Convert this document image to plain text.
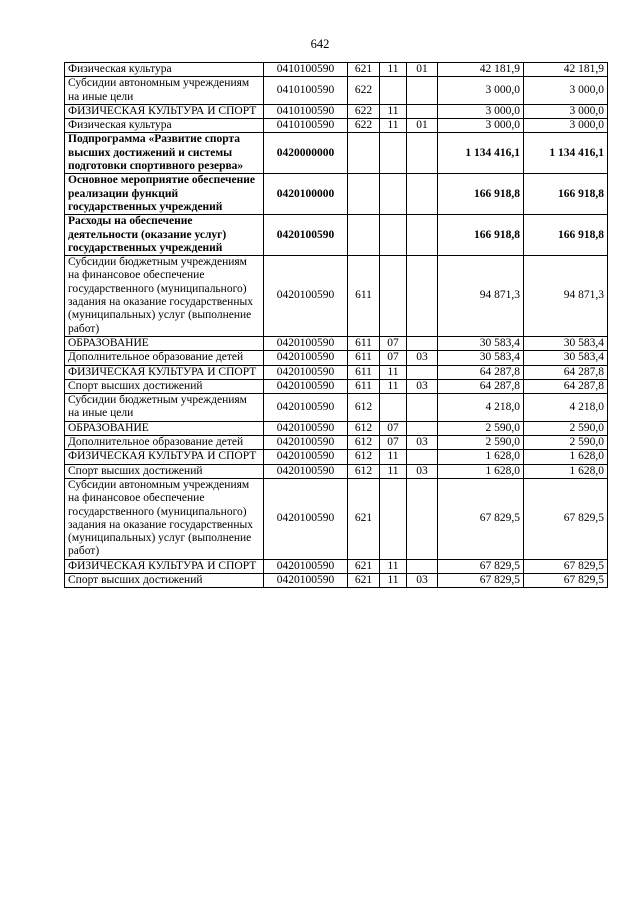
642
Физическая культура	0410100590	621	11	01	42 181,9	42 181,9
Субсидии автономным учреждениям на иные цели	0410100590	622			3 000,0	3 000,0
ФИЗИЧЕСКАЯ КУЛЬТУРА И СПОРТ	0410100590	622	11		3 000,0	3 000,0
Физическая культура	0410100590	622	11	01	3 000,0	3 000,0
Подпрограмма «Развитие спорта высших достижений и системы подготовки спортивного резерва»	0420000000				1 134 416,1	1 134 416,1
Основное мероприятие обеспечение реализации функций государственных учреждений	0420100000				166 918,8	166 918,8
Расходы на обеспечение деятельности (оказание услуг) государственных учреждений	0420100590				166 918,8	166 918,8
Субсидии бюджетным учреждениям на финансовое обеспечение государственного (муниципального) задания на оказание государственных (муниципальных) услуг (выполнение работ)	0420100590	611			94 871,3	94 871,3
ОБРАЗОВАНИЕ	0420100590	611	07		30 583,4	30 583,4
Дополнительное образование детей	0420100590	611	07	03	30 583,4	30 583,4
ФИЗИЧЕСКАЯ КУЛЬТУРА И СПОРТ	0420100590	611	11		64 287,8	64 287,8
Спорт высших достижений	0420100590	611	11	03	64 287,8	64 287,8
Субсидии бюджетным учреждениям на иные цели	0420100590	612			4 218,0	4 218,0
ОБРАЗОВАНИЕ	0420100590	612	07		2 590,0	2 590,0
Дополнительное образование детей	0420100590	612	07	03	2 590,0	2 590,0
ФИЗИЧЕСКАЯ КУЛЬТУРА И СПОРТ	0420100590	612	11		1 628,0	1 628,0
Спорт высших достижений	0420100590	612	11	03	1 628,0	1 628,0
Субсидии автономным учреждениям на финансовое обеспечение государственного (муниципального) задания на оказание государственных (муниципальных) услуг (выполнение работ)	0420100590	621			67 829,5	67 829,5
ФИЗИЧЕСКАЯ КУЛЬТУРА И СПОРТ	0420100590	621	11		67 829,5	67 829,5
Спорт высших достижений	0420100590	621	11	03	67 829,5	67 829,5
